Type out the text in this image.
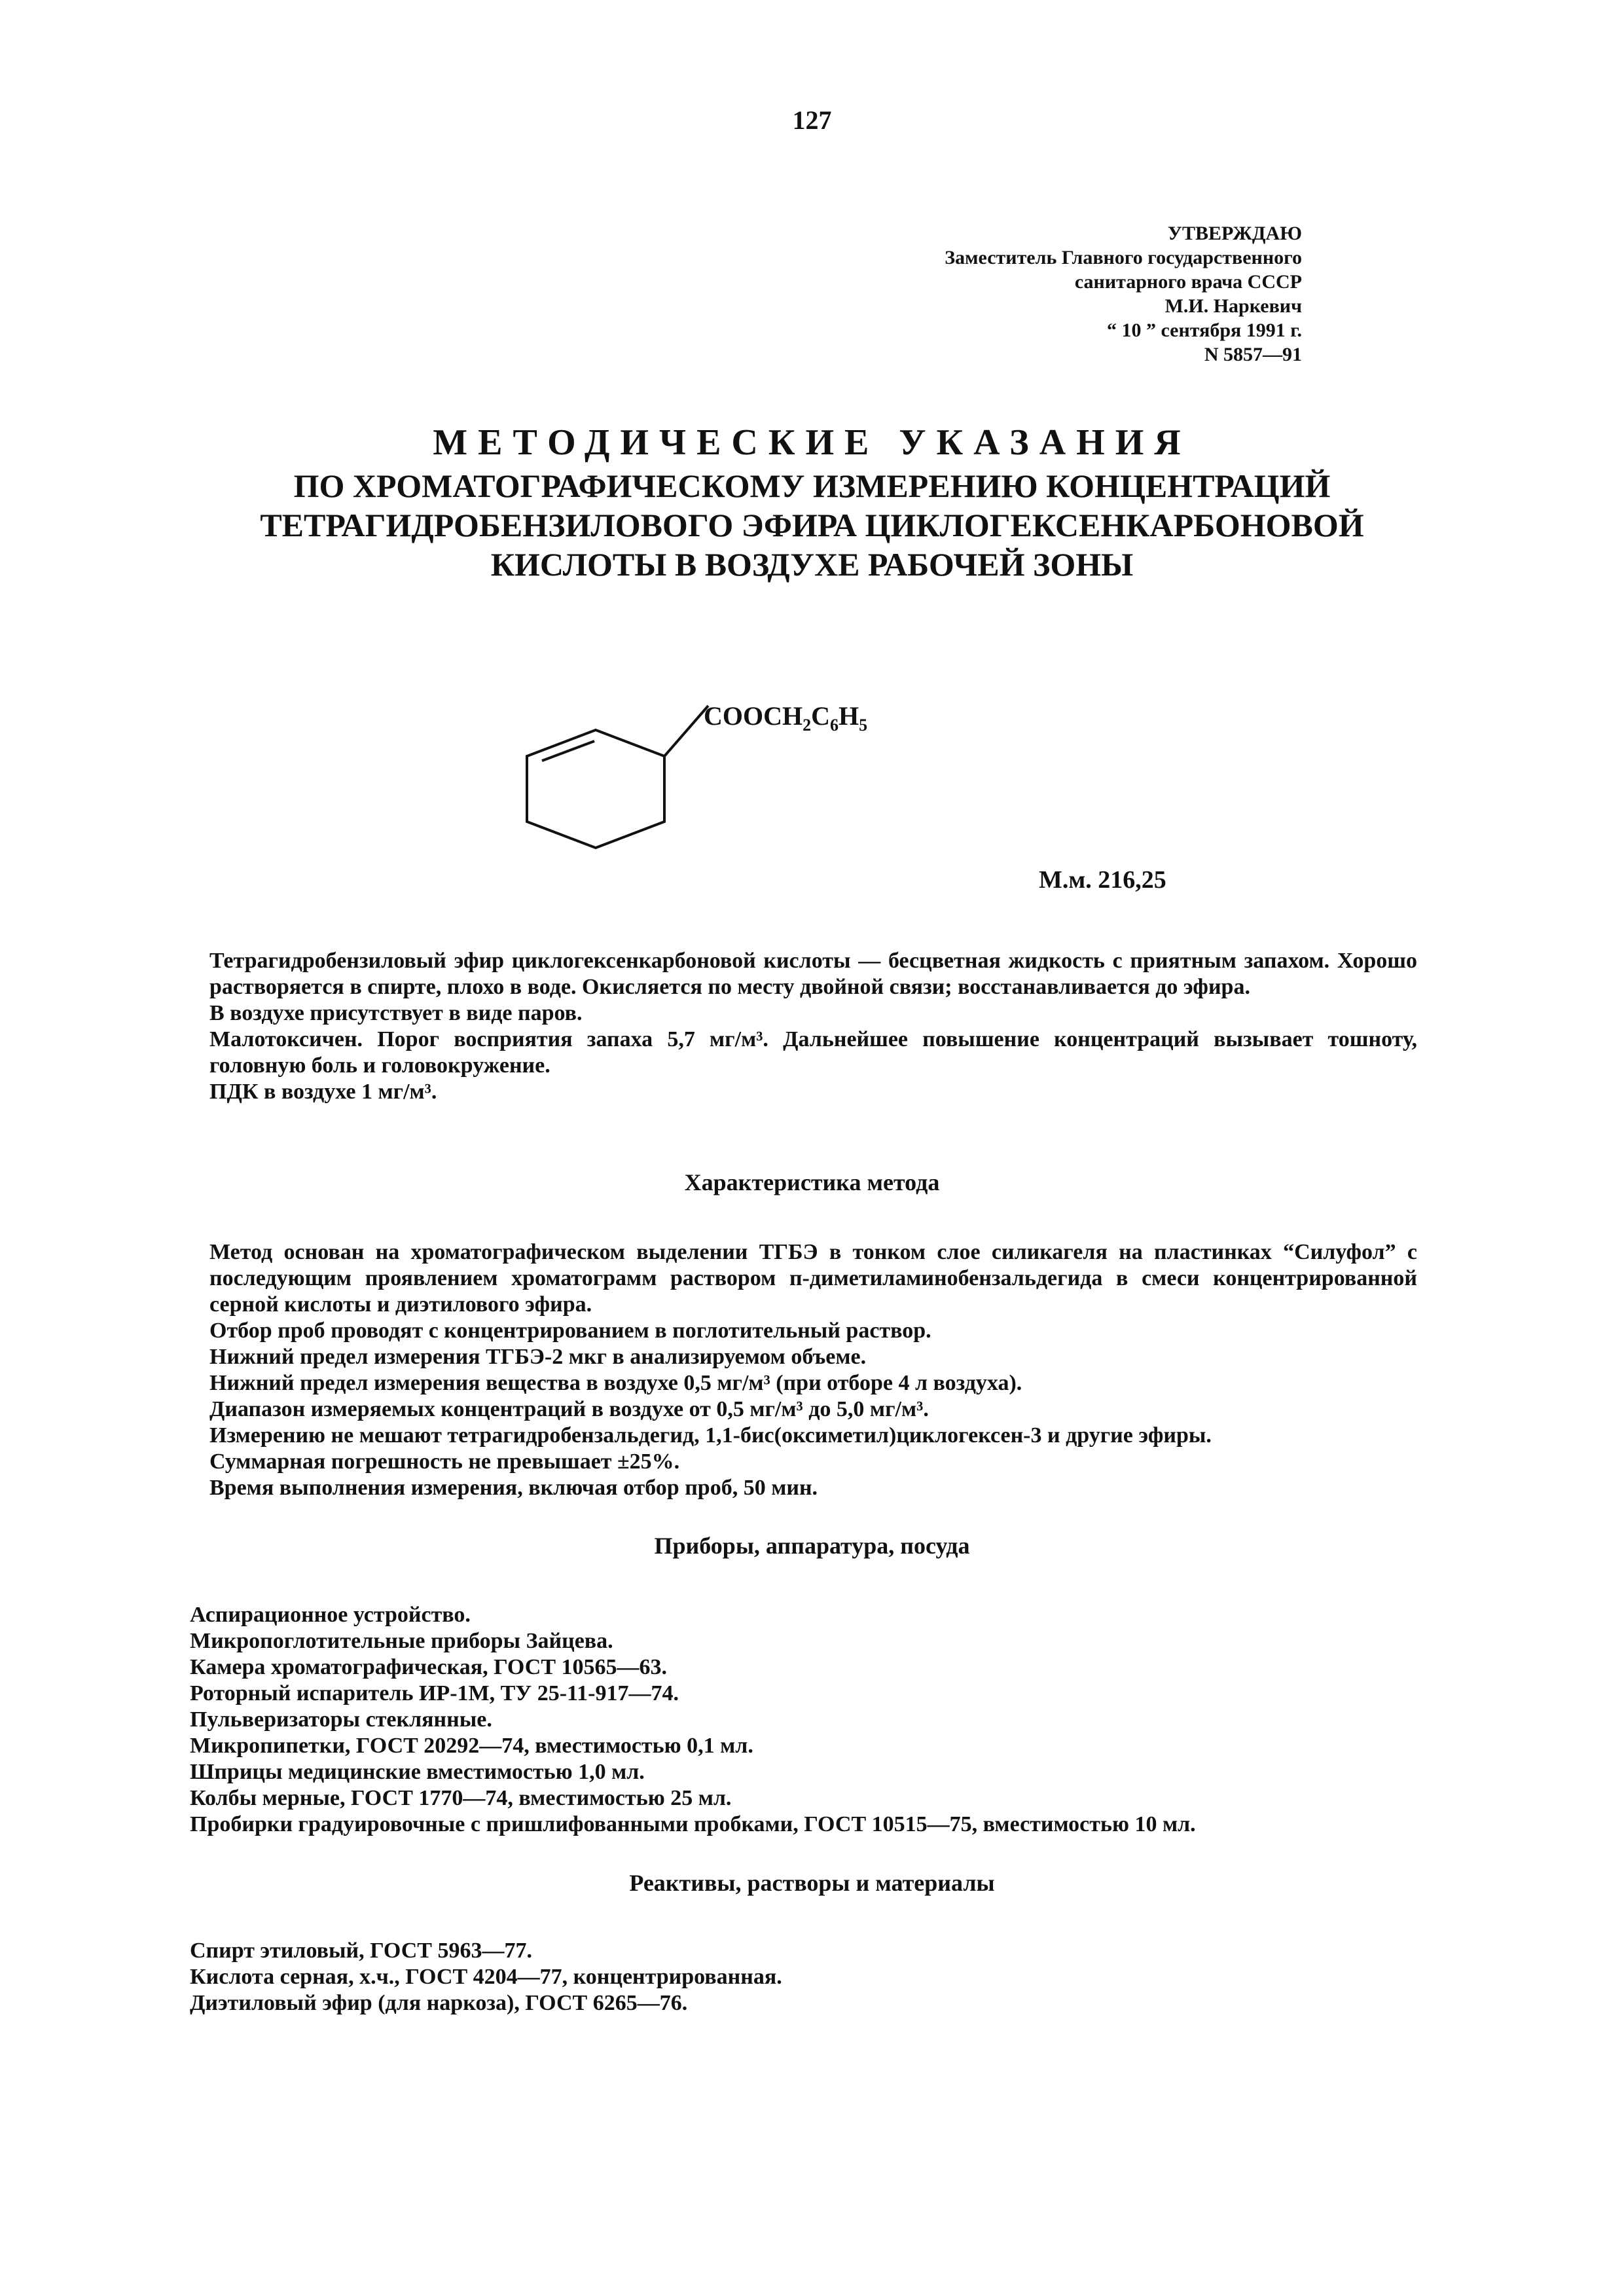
127
УТВЕРЖДАЮ
Заместитель Главного государственного
санитарного врача СССР
М.И. Наркевич
“ 10 ” сентября 1991 г.
N 5857—91
МЕТОДИЧЕСКИЕ УКАЗАНИЯ
ПО ХРОМАТОГРАФИЧЕСКОМУ ИЗМЕРЕНИЮ КОНЦЕНТРАЦИЙ
ТЕТРАГИДРОБЕНЗИЛОВОГО ЭФИРА ЦИКЛОГЕКСЕНКАРБОНОВОЙ
КИСЛОТЫ В ВОЗДУХЕ РАБОЧЕЙ ЗОНЫ
$COOCH_2C_6H_5$
М.м. 216,25

Тетрагидробензиловый эфир циклогексенкарбоновой кислоты — бесцветная жидкость с приятным запахом. Хорошо растворяется в спирте, плохо в воде. Окисляется по месту двойной связи; восстанавливается до эфира.

В воздухе присутствует в виде паров.

Малотоксичен. Порог восприятия запаха 5,7 мг/м³. Дальнейшее повышение концентраций вызывает тошноту, головную боль и головокружение.

ПДК в воздухе 1 мг/м³.

Характеристика метода

Метод основан на хроматографическом выделении ТГБЭ в тонком слое силикагеля на пластинках “Силуфол” с последующим проявлением хроматограмм раствором п-диметиламинобензальдегида в смеси концентрированной серной кислоты и диэтилового эфира.

Отбор проб проводят с концентрированием в поглотительный раствор.

Нижний предел измерения ТГБЭ-2 мкг в анализируемом объеме.

Нижний предел измерения вещества в воздухе 0,5 мг/м³ (при отборе 4 л воздуха).

Диапазон измеряемых концентраций в воздухе от 0,5 мг/м³ до 5,0 мг/м³.

Измерению не мешают тетрагидробензальдегид, 1,1-бис(оксиметил)циклогексен-3 и другие эфиры.

Суммарная погрешность не превышает ±25%.

Время выполнения измерения, включая отбор проб, 50 мин.

Приборы, аппаратура, посуда

Аспирационное устройство.

Микропоглотительные приборы Зайцева.

Камера хроматографическая, ГОСТ 10565—63.

Роторный испаритель ИР-1М, ТУ 25-11-917—74.

Пульверизаторы стеклянные.

Микропипетки, ГОСТ 20292—74, вместимостью 0,1 мл.

Шприцы медицинские вместимостью 1,0 мл.

Колбы мерные, ГОСТ 1770—74, вместимостью 25 мл.

Пробирки градуировочные с пришлифованными пробками, ГОСТ 10515—75, вместимостью 10 мл.

Реактивы, растворы и материалы

Спирт этиловый, ГОСТ 5963—77.

Кислота серная, х.ч., ГОСТ 4204—77, концентрированная.

Диэтиловый эфир (для наркоза), ГОСТ 6265—76.
